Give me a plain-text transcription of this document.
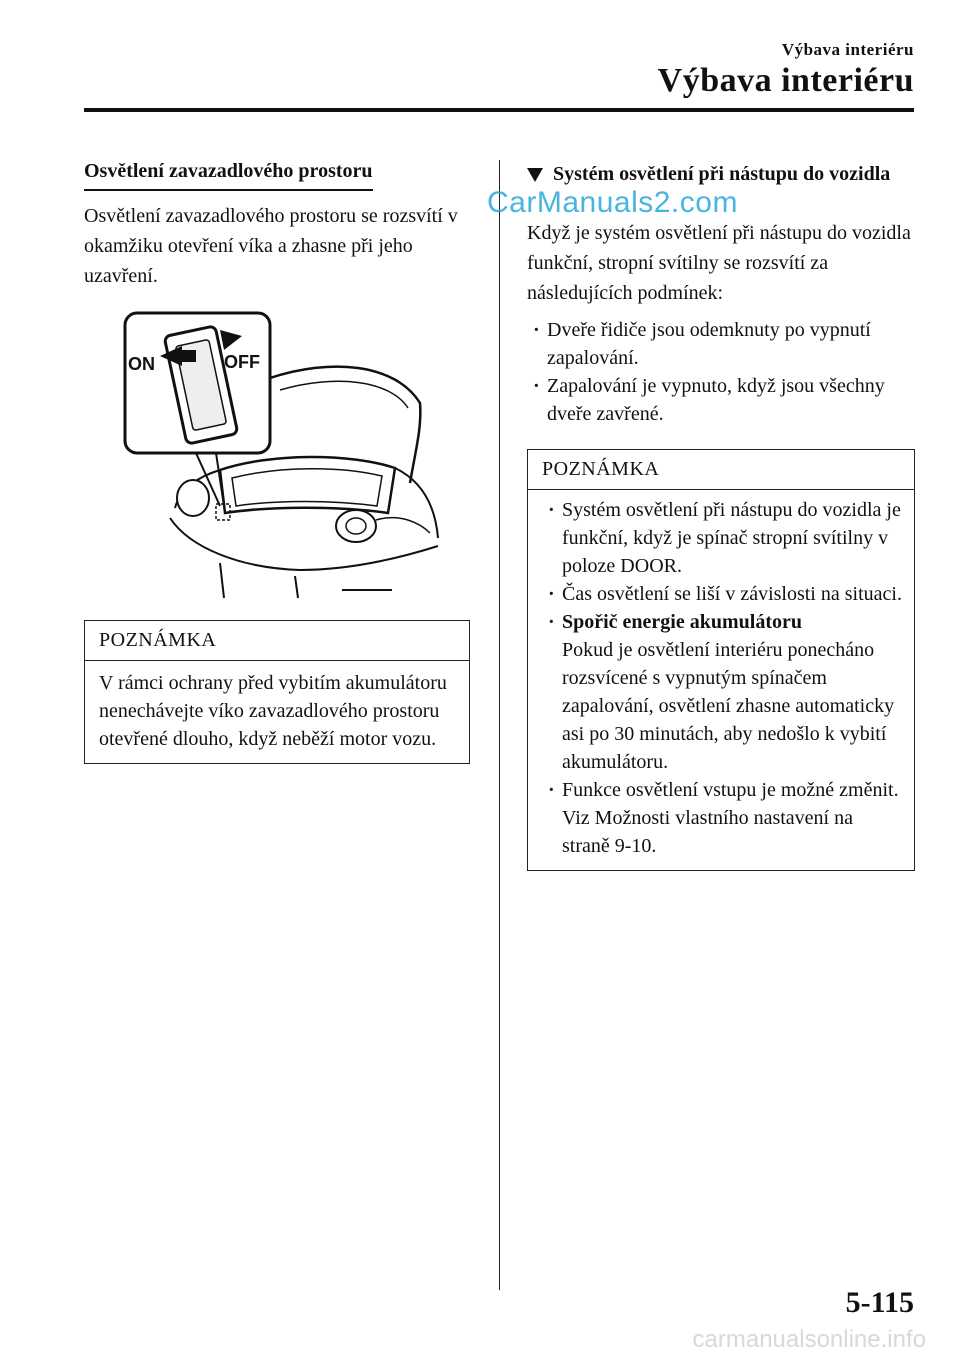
Výbava interiéru
Výbava interiéru
Osvětlení zavazadlového prostoru

Osvětlení zavazadlového prostoru se rozsvítí v okamžiku otevření víka a zhasne při jeho uzavření.

ON	OFF
POZNÁMKA
V rámci ochrany před vybitím akumulátoru nenechávejte víko zavazadlového prostoru otevřené dlouho, když neběží motor vozu.
Systém osvětlení při nástupu do vozidla

Když je systém osvětlení při nástupu do vozidla funkční, stropní svítilny se rozsvítí za následujících podmínek:

· Dveře řidiče jsou odemknuty po vypnutí zapalování.
· Zapalování je vypnuto, když jsou všechny dveře zavřené.
POZNÁMKA
· Systém osvětlení při nástupu do vozidla je funkční, když je spínač stropní svítilny v poloze DOOR.
· Čas osvětlení se liší v závislosti na situaci.
· Spořič energie akumulátoru
Pokud je osvětlení interiéru ponecháno rozsvícené s vypnutým spínačem zapalování, osvětlení zhasne automaticky asi po 30 minutách, aby nedošlo k vybití akumulátoru.
· Funkce osvětlení vstupu je možné změnit.
Viz Možnosti vlastního nastavení na straně 9-10.
CarManuals2.com
5-115
carmanualsonline.info
